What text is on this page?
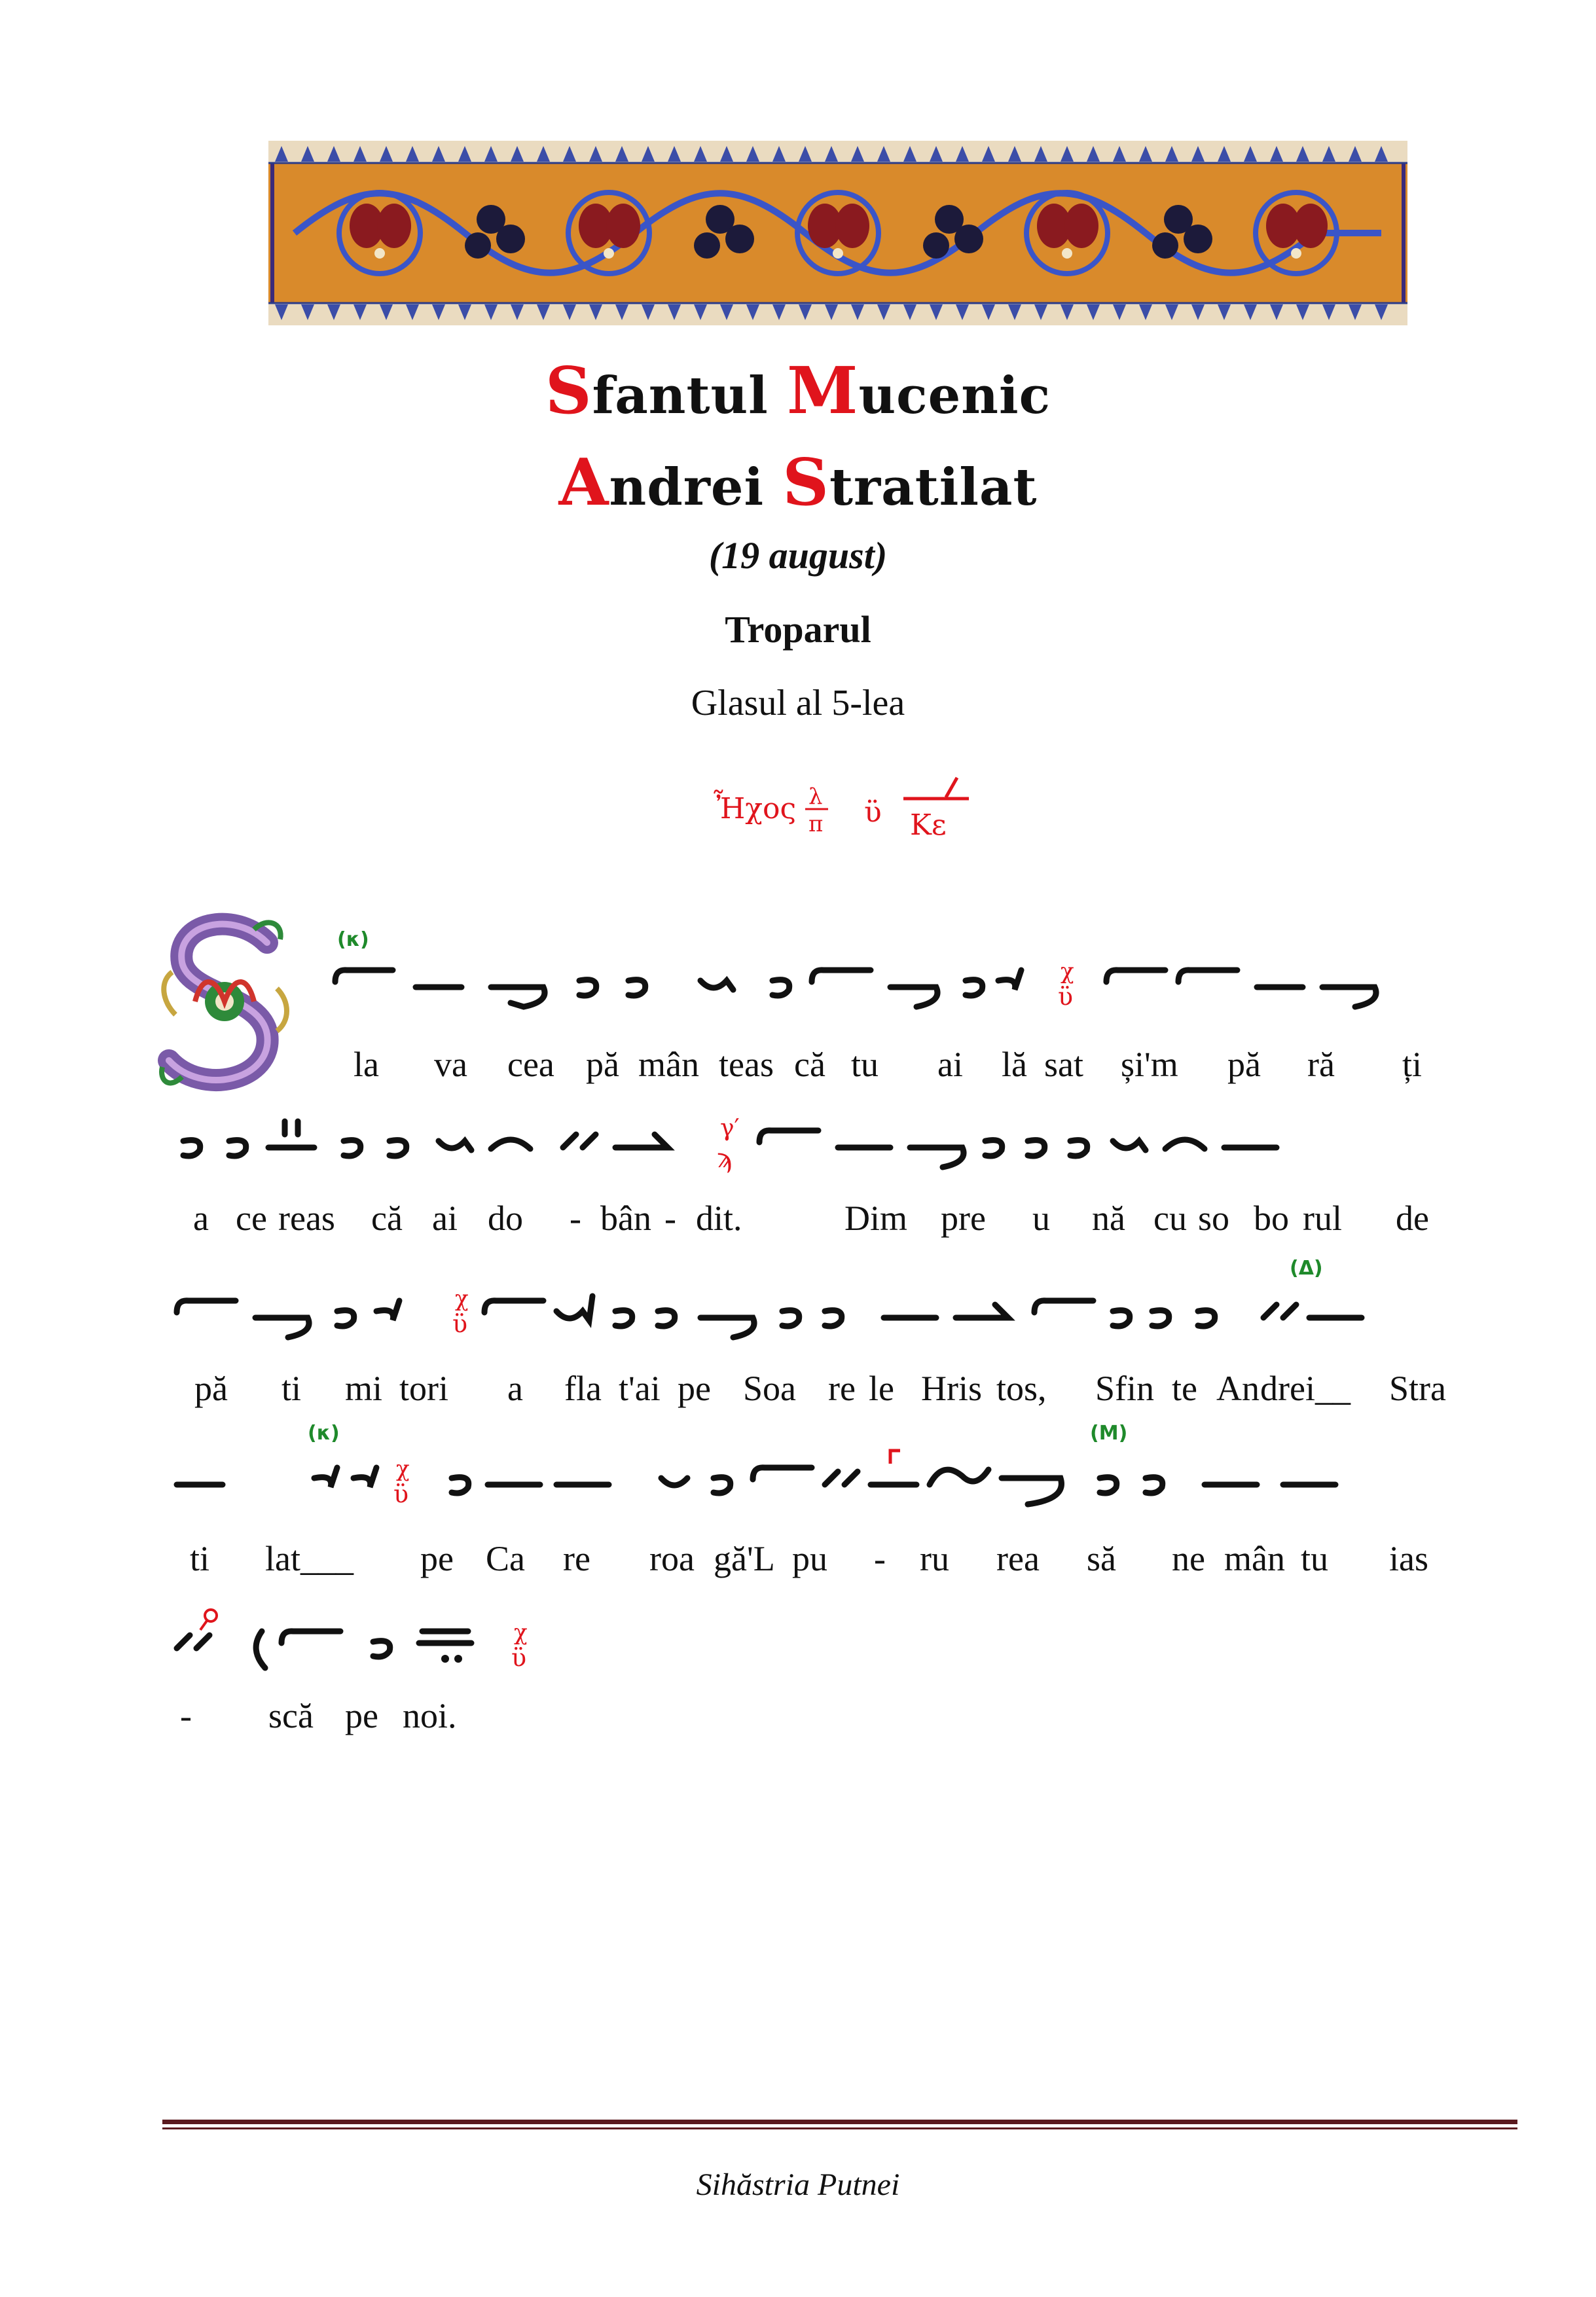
Sfantul Mucenic
Andrei Stratilat
(19 august)
Troparul
Glasul al 5-lea
Ἦχος λ
π ϋ Κε
χ
ϋ
(κ)
la va cea pă mân teas că tu ai lă sat și'm pă ră ți
γ′
ϡ
a ce reas că ai do - bân - dit.	Dim pre u nă cu so bo rul de
χ
ϋ
(Δ)
pă ti mi tori a fla t'ai pe Soa re le Hris tos, Sfin te An drei__ Stra
χ
ϋ
(κ)	(Μ)
ti lat___ pe Ca re roa gă'L pu - ru rea să ne mân tu ias
χ
ϋ
- scă pe noi.
Sihăstria Putnei
